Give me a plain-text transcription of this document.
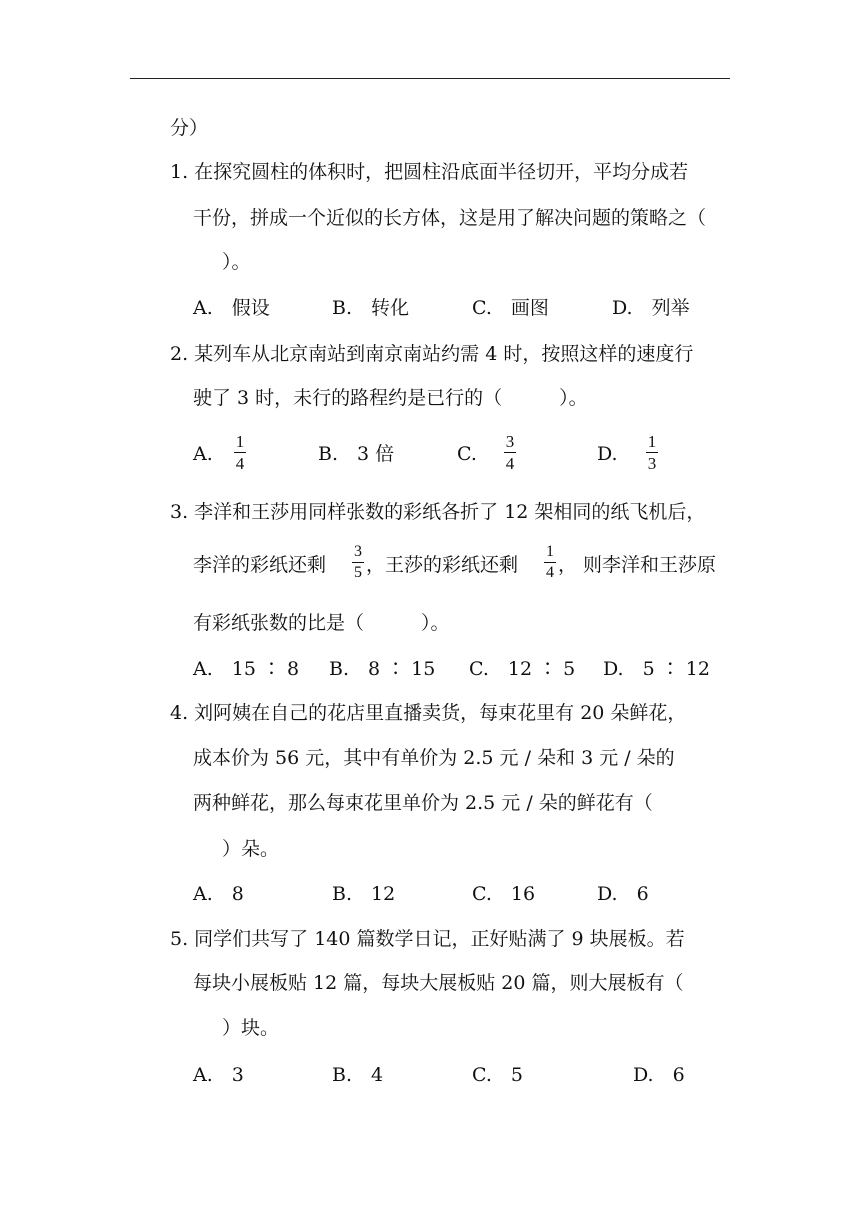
分）
1. 在探究圆柱的体积时，把圆柱沿底面半径切开，平均分成若
干份，拼成一个近似的长方体，这是用了解决问题的策略之（
）。
A.　假设	B.　转化	C.　画图	D.　列举
2. 某列车从北京南站到南京南站约需 4 时，按照这样的速度行
驶了 3 时，未行的路程约是已行的（　　　）。
A.
1
4	B.　3 倍	C.
3
4	D.
1
3
3. 李洋和王莎用同样张数的彩纸各折了 12 架相同的纸飞机后，
李洋的彩纸还剩
3
5 ，王莎的彩纸还剩
1
4 ， 则李洋和王莎原
有彩纸张数的比是（　　　）。
A.　15 ∶ 8 B.　8 ∶ 15 C.　12 ∶ 5 D.　5 ∶ 12
4. 刘阿姨在自己的花店里直播卖货，每束花里有 20 朵鲜花，
成本价为 56 元，其中有单价为 2.5 元 / 朵和 3 元 / 朵的
两种鲜花，那么每束花里单价为 2.5 元 / 朵的鲜花有（
）朵。
A.　8	B.　12	C.　16	D.　6
5. 同学们共写了 140 篇数学日记，正好贴满了 9 块展板。若
每块小展板贴 12 篇，每块大展板贴 20 篇，则大展板有（
）块。
A.　3	B.　4	C.　5	D.　6
